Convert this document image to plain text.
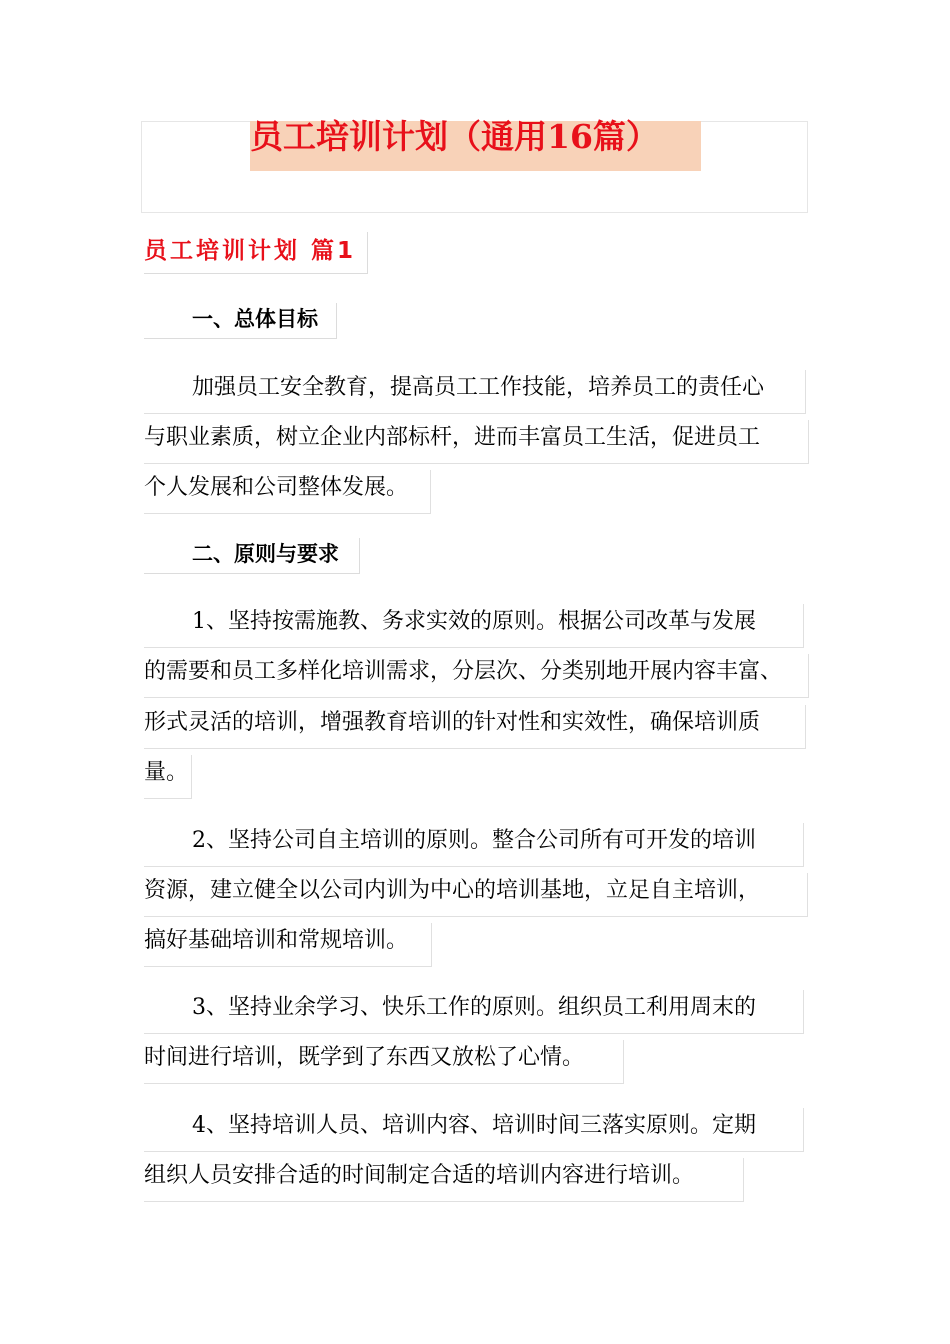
员工培训计划（通用16篇）
员工培训计划 篇1
一、总体目标
加强员工安全教育，提高员工工作技能，培养员工的责任心
与职业素质，树立企业内部标杆，进而丰富员工生活，促进员工
个人发展和公司整体发展。
二、原则与要求
1、坚持按需施教、务求实效的原则。根据公司改革与发展
的需要和员工多样化培训需求，分层次、分类别地开展内容丰富、
形式灵活的培训，增强教育培训的针对性和实效性，确保培训质
量。
2、坚持公司自主培训的原则。整合公司所有可开发的培训
资源，建立健全以公司内训为中心的培训基地，立足自主培训，
搞好基础培训和常规培训。
3、坚持业余学习、快乐工作的原则。组织员工利用周末的
时间进行培训，既学到了东西又放松了心情。
4、坚持培训人员、培训内容、培训时间三落实原则。定期
组织人员安排合适的时间制定合适的培训内容进行培训。
